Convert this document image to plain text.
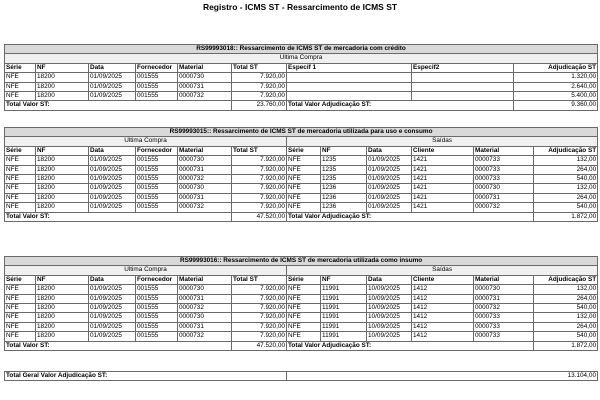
Registro - ICMS ST - Ressarcimento de ICMS ST
RS99993018:: Ressarcimento de ICMS ST de mercadoria com crédito								
Última Compra								
Série	NF	Data	Fornecedor	Material	Total ST	Especif 1	Especif2	Adjudicação ST
NFE	18200	01/09/2025	001555	0000730	7.920,00			1.320,00
NFE	18200	01/09/2025	001555	0000731	7.920,00			2.640,00
NFE	18200	01/09/2025	001555	0000732	7.920,00			5.400,00
Total Valor ST:					23.760,00	Total Valor Adjudicação ST:		9.360,00
RS99993015:: Ressarcimento de ICMS ST de mercadoria utilizada para uso e consumo											
Última Compra						Saídas					
Série	NF	Data	Fornecedor	Material	Total ST	Série	NF	Data	Cliente	Material	Adjudicação ST
NFE	18200	01/09/2025	001555	0000730	7.920,00	NFE	1235	01/09/2025	1421	0000733	132,00
NFE	18200	01/09/2025	001555	0000731	7.920,00	NFE	1235	01/09/2025	1421	0000733	264,00
NFE	18200	01/09/2025	001555	0000732	7.920,00	NFE	1235	01/09/2025	1421	0000733	540,00
NFE	18200	01/09/2025	001555	0000730	7.920,00	NFE	1236	01/09/2025	1421	0000730	132,00
NFE	18200	01/09/2025	001555	0000731	7.920,00	NFE	1236	01/09/2025	1421	0000731	264,00
NFE	18200	01/09/2025	001555	0000732	7.920,00	NFE	1236	01/09/2025	1421	0000732	540,00
Total Valor ST:					47.520,00	Total Valor Adjudicação ST:					1.872,00
RS99993016:: Ressarcimento de ICMS ST de mercadoria utilizada como insumo											
Última Compra						Saídas					
Série	NF	Data	Fornecedor	Material	Total ST	Série	NF	Data	Cliente	Material	Adjudicação ST
NFE	18200	01/09/2025	001555	0000730	7.920,00	NFE	11991	10/09/2025	1412	0000730	132,00
NFE	18200	01/09/2025	001555	0000731	7.920,00	NFE	11991	10/09/2025	1412	0000731	264,00
NFE	18200	01/09/2025	001555	0000732	7.920,00	NFE	11991	10/09/2025	1412	0000732	540,00
NFE	18200	01/09/2025	001555	0000730	7.920,00	NFE	11991	10/09/2025	1412	0000733	132,00
NFE	18200	01/09/2025	001555	0000731	7.920,00	NFE	11991	10/09/2025	1412	0000733	264,00
NFE	18200	01/09/2025	001555	0000732	7.920,00	NFE	11991	10/09/2025	1412	0000733	540,00
Total Valor ST:					47.520,00	Total Valor Adjudicação ST:					1.872,00
Total Geral Valor Adjudicação ST:	13.104,00
